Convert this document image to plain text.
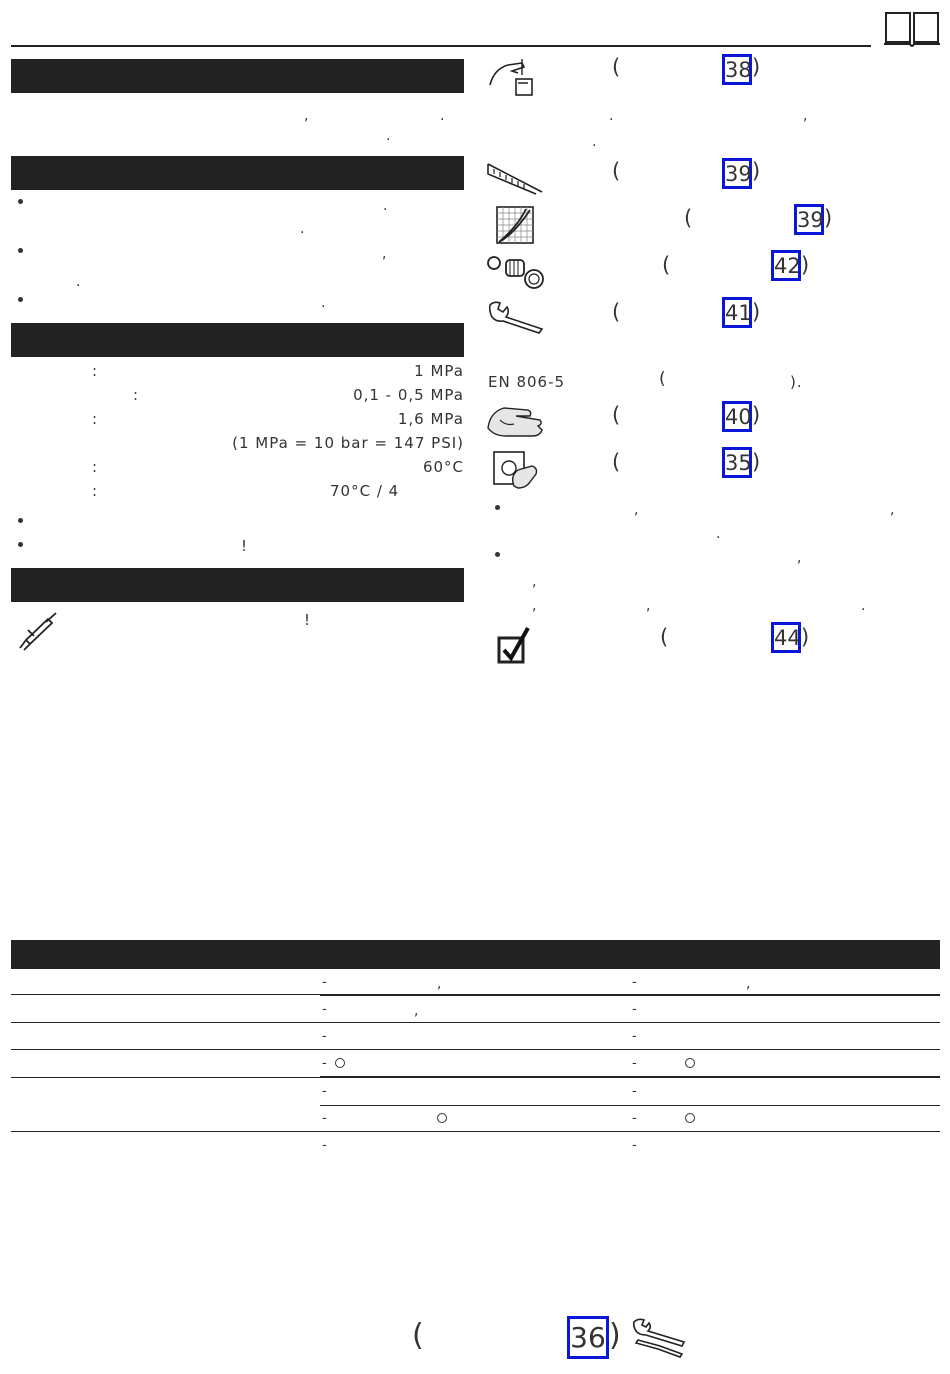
,	.
.
.
.
,
.
.
:	1 MPa
:	0,1 - 0,5 MPa
:	1,6 MPa
(1 MPa = 10 bar = 147 PSI)
:	60°C
:	70°C / 4
!
!
(	38 )
.	,
.
(	39 )
(	39 )
(	42 )
(	41 )
EN 806-5	(	).
(	40 )
(	35 )
,	,
.
,
,
,	,	.
(	44 )
-	,	-	,
-	,	-
-	-
-	-
-	-
-	-
-	-
(	36 )
